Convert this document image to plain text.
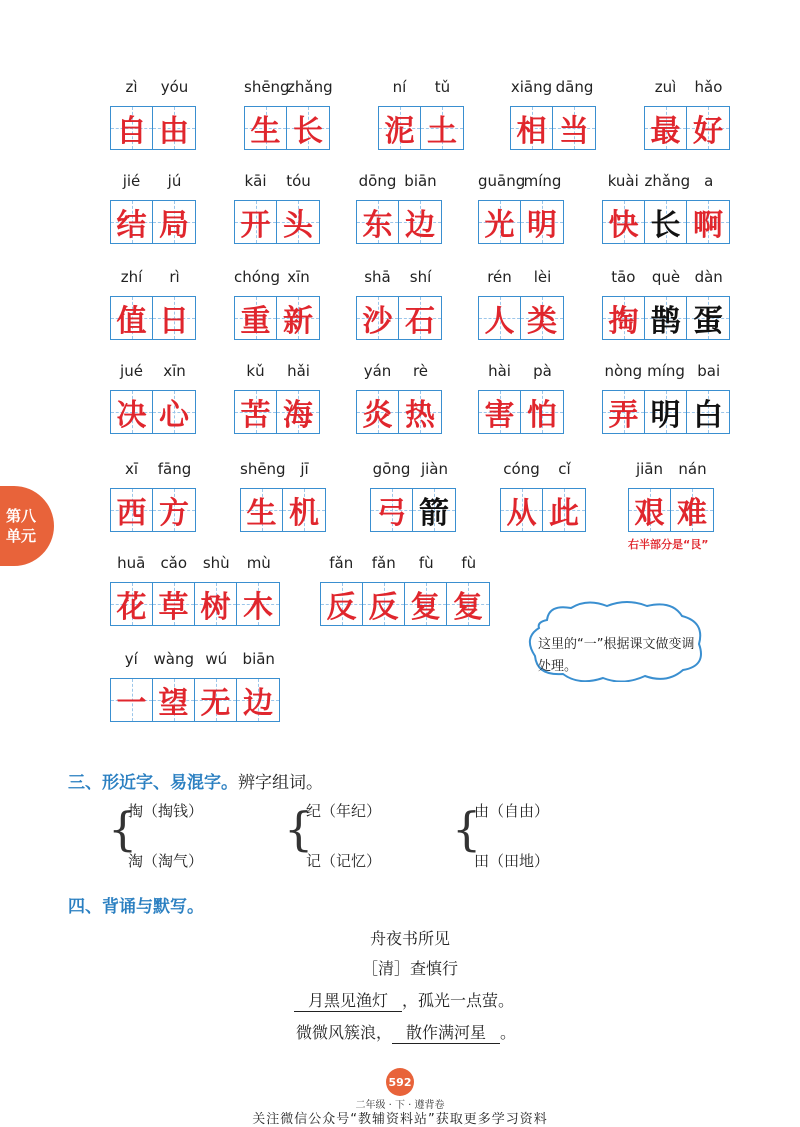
zì	yóu
自 由
shēng
zhǎng
生 长
ní	tǔ
泥 土
xiāng dāng
相 当
zuì	hǎo
最 好
jié	jú
结 局
kāi	tóu
开 头
dōng biān
东 边
guāng
míng
光 明
kuài zhǎng a
快 长 啊
zhí	rì
值 日
chóng xīn
重 新
shā	shí
沙 石
rén	lèi
人 类
tāo	què dàn
掏 鹊 蛋
jué	xīn
决 心
kǔ	hǎi
苦 海
yán	rè
炎 热
hài	pà
害 怕
nòng míng bai
弄 明 白
xī	fāng
西 方
shēng jī
生 机
gōng jiàn
弓 箭
cóng	cǐ
从 此
jiān	nán
艰 难
huā	cǎo	shù	mù
花 草 树 木
fǎn	fǎn	fù	fù
反 反 复 复
yí	wàng wú	biān
一 望 无 边
第八
单元	右半部分是“艮”
这里的“一”根据课文做变调处理。
三、形近字、易混字。辨字组词。
{
掏（掏钱）
淘（淘气）
{
纪（年纪）
记（记忆）
{
由（自由）
田（田地）
四、背诵与默写。
舟夜书所见
［清］查慎行
月黑见渔灯 ，孤光一点萤。
微微风簇浪， 散作满河星 。
592
二年级 · 下 · 遵背卷
关注微信公众号“教辅资料站”获取更多学习资料
